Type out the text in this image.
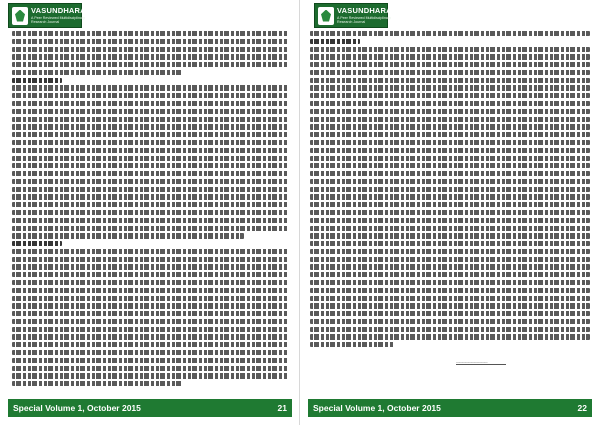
VASUNDHARA
A Peer Reviewed Multidisciplinary Research Journal
Special Volume 1, October 2015	21
VASUNDHARA
A Peer Reviewed Multidisciplinary Research Journal
__________
Special Volume 1, October 2015	22
